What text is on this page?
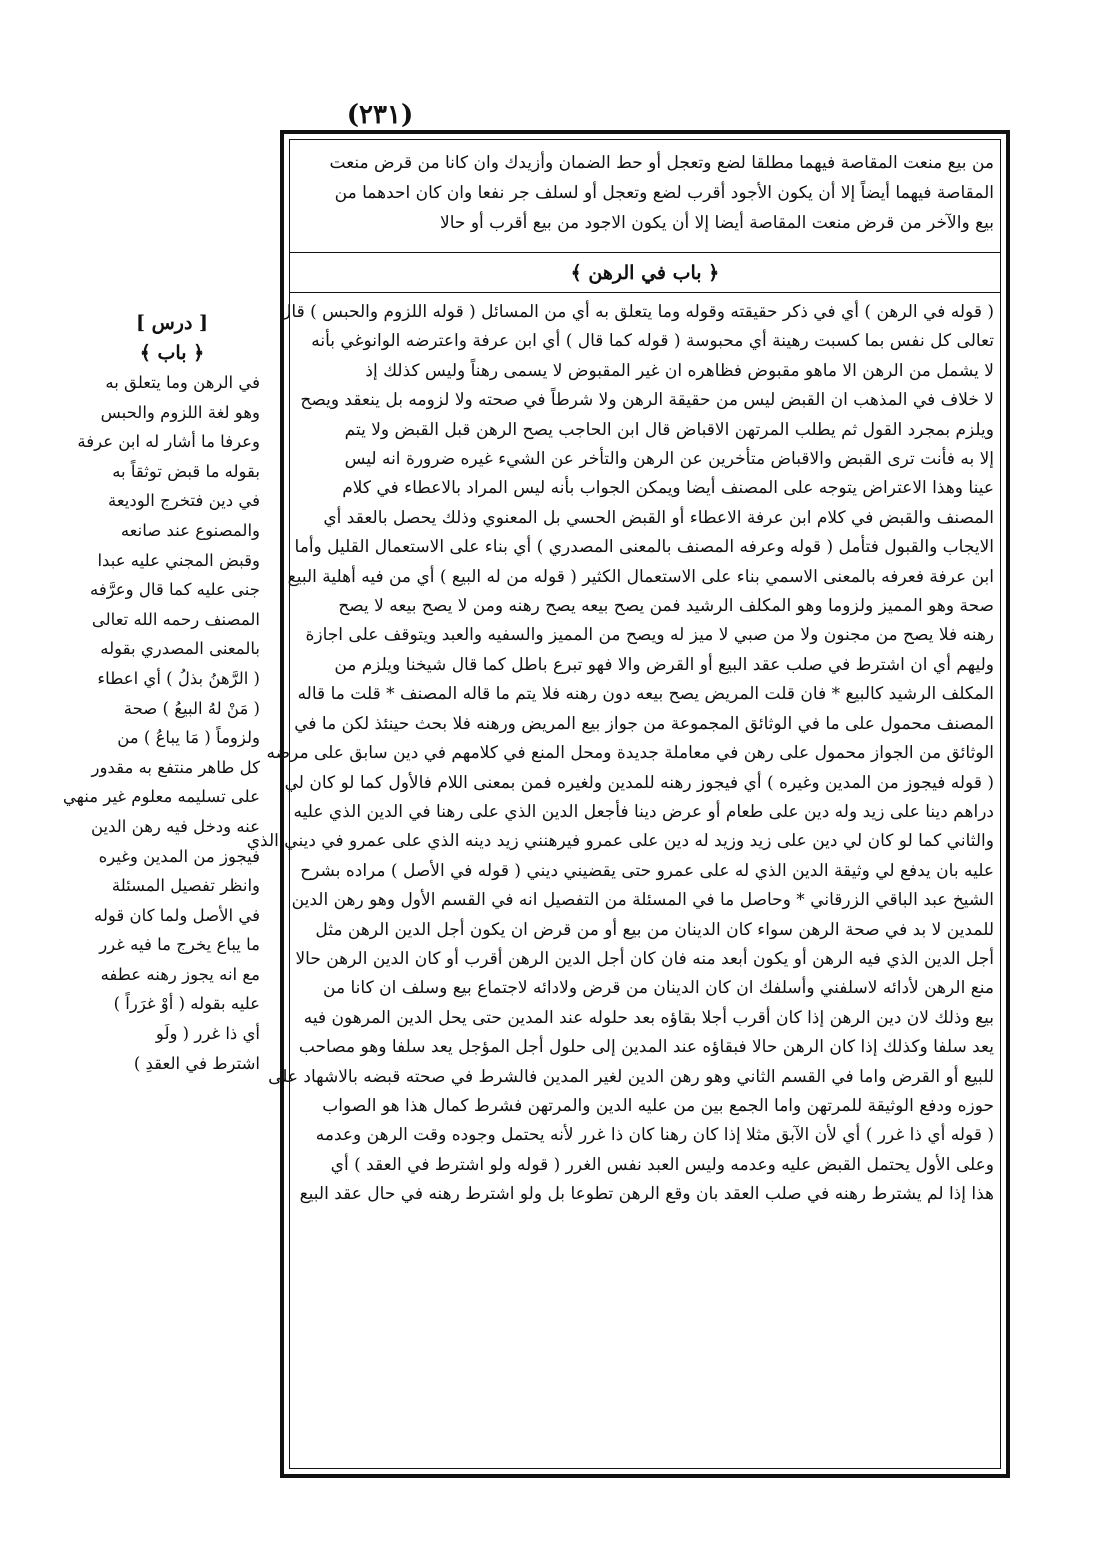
(٢٣١)
من بيع منعت المقاصة فيهما مطلقا لضع وتعجل أو حط الضمان وأزيدك وان كانا من قرض منعت
المقاصة فيهما أيضاً إلا أن يكون الأجود أقرب لضع وتعجل أو لسلف جر نفعا وان كان احدهما من
بيع والآخر من قرض منعت المقاصة أيضا إلا أن يكون الاجود من بيع أقرب أو حالا
﴿ باب في الرهن ﴾
( قوله في الرهن ) أي في ذكر حقيقته وقوله وما يتعلق به أي من المسائل ( قوله اللزوم والحبس ) قال
تعالى كل نفس بما كسبت رهينة أي محبوسة ( قوله كما قال ) أي ابن عرفة واعترضه الوانوغي بأنه
لا يشمل من الرهن الا ماهو مقبوض فظاهره ان غير المقبوض لا يسمى رهناً وليس كذلك إذ
لا خلاف في المذهب ان القبض ليس من حقيقة الرهن ولا شرطاً في صحته ولا لزومه بل ينعقد ويصح
ويلزم بمجرد القول ثم يطلب المرتهن الاقباض قال ابن الحاجب يصح الرهن قبل القبض ولا يتم
إلا به فأنت ترى القبض والاقباض متأخرين عن الرهن والتأخر عن الشيء غيره ضرورة انه ليس
عينا وهذا الاعتراض يتوجه على المصنف أيضا ويمكن الجواب بأنه ليس المراد بالاعطاء في كلام
المصنف والقبض في كلام ابن عرفة الاعطاء أو القبض الحسي بل المعنوي وذلك يحصل بالعقد أي
الايجاب والقبول فتأمل ( قوله وعرفه المصنف بالمعنى المصدري ) أي بناء على الاستعمال القليل وأما
ابن عرفة فعرفه بالمعنى الاسمي بناء على الاستعمال الكثير ( قوله من له البيع ) أي من فيه أهلية البيع
صحة وهو المميز ولزوما وهو المكلف الرشيد فمن يصح بيعه يصح رهنه ومن لا يصح بيعه لا يصح
رهنه فلا يصح من مجنون ولا من صبي لا ميز له ويصح من المميز والسفيه والعبد ويتوقف على اجازة
وليهم أي ان اشترط في صلب عقد البيع أو القرض والا فهو تبرع باطل كما قال شيخنا ويلزم من
المكلف الرشيد كالبيع * فان قلت المريض يصح بيعه دون رهنه فلا يتم ما قاله المصنف * قلت ما قاله
المصنف محمول على ما في الوثائق المجموعة من جواز بيع المريض ورهنه فلا بحث حينئذ لكن ما في
الوثائق من الجواز محمول على رهن في معاملة جديدة ومحل المنع في كلامهم في دين سابق على مرضه
( قوله فيجوز من المدين وغيره ) أي فيجوز رهنه للمدين ولغيره فمن بمعنى اللام فالأول كما لو كان لي
دراهم دينا على زيد وله دين على طعام أو عرض دينا فأجعل الدين الذي على رهنا في الدين الذي عليه
والثاني كما لو كان لي دين على زيد وزيد له دين على عمرو فيرهنني زيد دينه الذي على عمرو في ديني الذي
عليه بان يدفع لي وثيقة الدين الذي له على عمرو حتى يقضيني ديني ( قوله في الأصل ) مراده بشرح
الشيخ عبد الباقي الزرقاني * وحاصل ما في المسئلة من التفصيل انه في القسم الأول وهو رهن الدين
للمدين لا بد في صحة الرهن سواء كان الدينان من بيع أو من قرض ان يكون أجل الدين الرهن مثل
أجل الدين الذي فيه الرهن أو يكون أبعد منه فان كان أجل الدين الرهن أقرب أو كان الدين الرهن حالا
منع الرهن لأدائه لاسلفني وأسلفك ان كان الدينان من قرض ولادائه لاجتماع بيع وسلف ان كانا من
بيع وذلك لان دين الرهن إذا كان أقرب أجلا بقاؤه بعد حلوله عند المدين حتى يحل الدين المرهون فيه
يعد سلفا وكذلك إذا كان الرهن حالا فبقاؤه عند المدين إلى حلول أجل المؤجل يعد سلفا وهو مصاحب
للبيع أو القرض واما في القسم الثاني وهو رهن الدين لغير المدين فالشرط في صحته قبضه بالاشهاد على
حوزه ودفع الوثيقة للمرتهن واما الجمع بين من عليه الدين والمرتهن فشرط كمال هذا هو الصواب
( قوله أي ذا غرر ) أي لأن الآبق مثلا إذا كان رهنا كان ذا غرر لأنه يحتمل وجوده وقت الرهن وعدمه
وعلى الأول يحتمل القبض عليه وعدمه وليس العبد نفس الغرر ( قوله ولو اشترط في العقد ) أي
هذا إذا لم يشترط رهنه في صلب العقد بان وقع الرهن تطوعا بل ولو اشترط رهنه في حال عقد البيع
[ درس ]
﴿ باب ﴾
في الرهن وما يتعلق به
وهو لغة اللزوم والحبس
وعرفا ما أشار له ابن عرفة
بقوله ما قبض توثقاً به
في دين فتخرج الوديعة
والمصنوع عند صانعه
وقبض المجني عليه عبدا
جنى عليه كما قال وعرَّفه
المصنف رحمه الله تعالى
بالمعنى المصدري بقوله
( الرَّهنُ بذلُ ) أي اعطاء
( مَنْ لهُ البيعُ ) صحة
ولزوماً ( مَا يباعُ ) من
كل طاهر منتفع به مقدور
على تسليمه معلوم غير منهي
عنه ودخل فيه رهن الدين
فيجوز من المدين وغيره
وانظر تفصيل المسئلة
في الأصل ولما كان قوله
ما يباع يخرج ما فيه غرر
مع انه يجوز رهنه عطفه
عليه بقوله ( أوْ غرَراً )
أي ذا غرر ( ولَو
اشترط في العقدِ )
